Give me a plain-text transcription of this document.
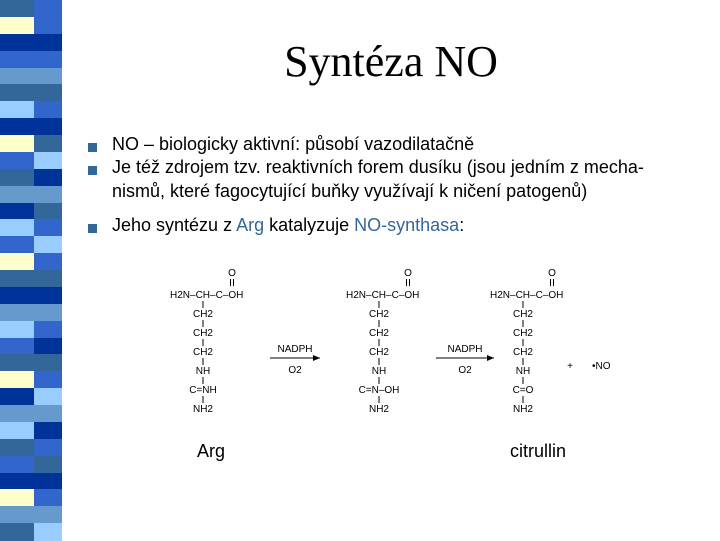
Syntéza NO
NO – biologicky aktivní: působí vazodilatačně
Je též zdrojem tzv. reaktivních forem dusíku (jsou jedním z mecha-
nismů, které fagocytující buňky využívají k ničení patogenů)
Jeho syntézu z Arg katalyzuje NO-synthasa:
O
H2N–CH–C–OH
CH2
CH2
CH2
NH
C=NH
NH2
O
H2N–CH–C–OH
CH2
CH2
CH2
NH
C=N–OH
NH2
O
H2N–CH–C–OH
CH2
CH2
CH2
NH
C=O
NH2
NADPH
O2
NADPH
O2	+ •NO
Arg	citrullin
